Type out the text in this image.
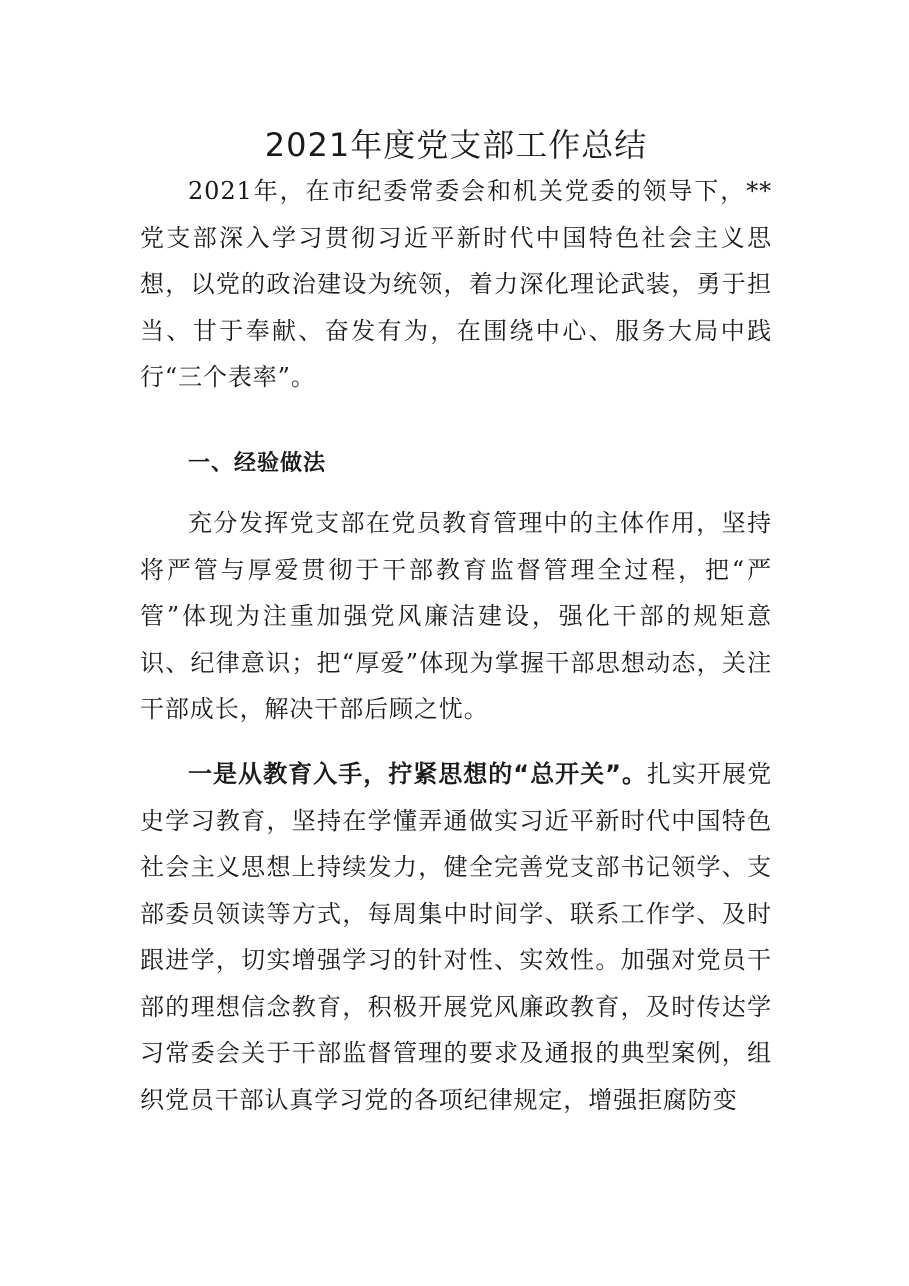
2021年度党支部工作总结

2021年，在市纪委常委会和机关党委的领导下，**党支部深入学习贯彻习近平新时代中国特色社会主义思想，以党的政治建设为统领，着力深化理论武装，勇于担当、甘于奉献、奋发有为，在围绕中心、服务大局中践行“三个表率”。

一、经验做法

充分发挥党支部在党员教育管理中的主体作用，坚持将严管与厚爱贯彻于干部教育监督管理全过程，把“严管”体现为注重加强党风廉洁建设，强化干部的规矩意识、纪律意识；把“厚爱”体现为掌握干部思想动态，关注干部成长，解决干部后顾之忧。

一是从教育入手，拧紧思想的“总开关”。扎实开展党史学习教育，坚持在学懂弄通做实习近平新时代中国特色社会主义思想上持续发力，健全完善党支部书记领学、支部委员领读等方式，每周集中时间学、联系工作学、及时跟进学，切实增强学习的针对性、实效性。加强对党员干部的理想信念教育，积极开展党风廉政教育，及时传达学习常委会关于干部监督管理的要求及通报的典型案例，组织党员干部认真学习党的各项纪律规定，增强拒腐防变
